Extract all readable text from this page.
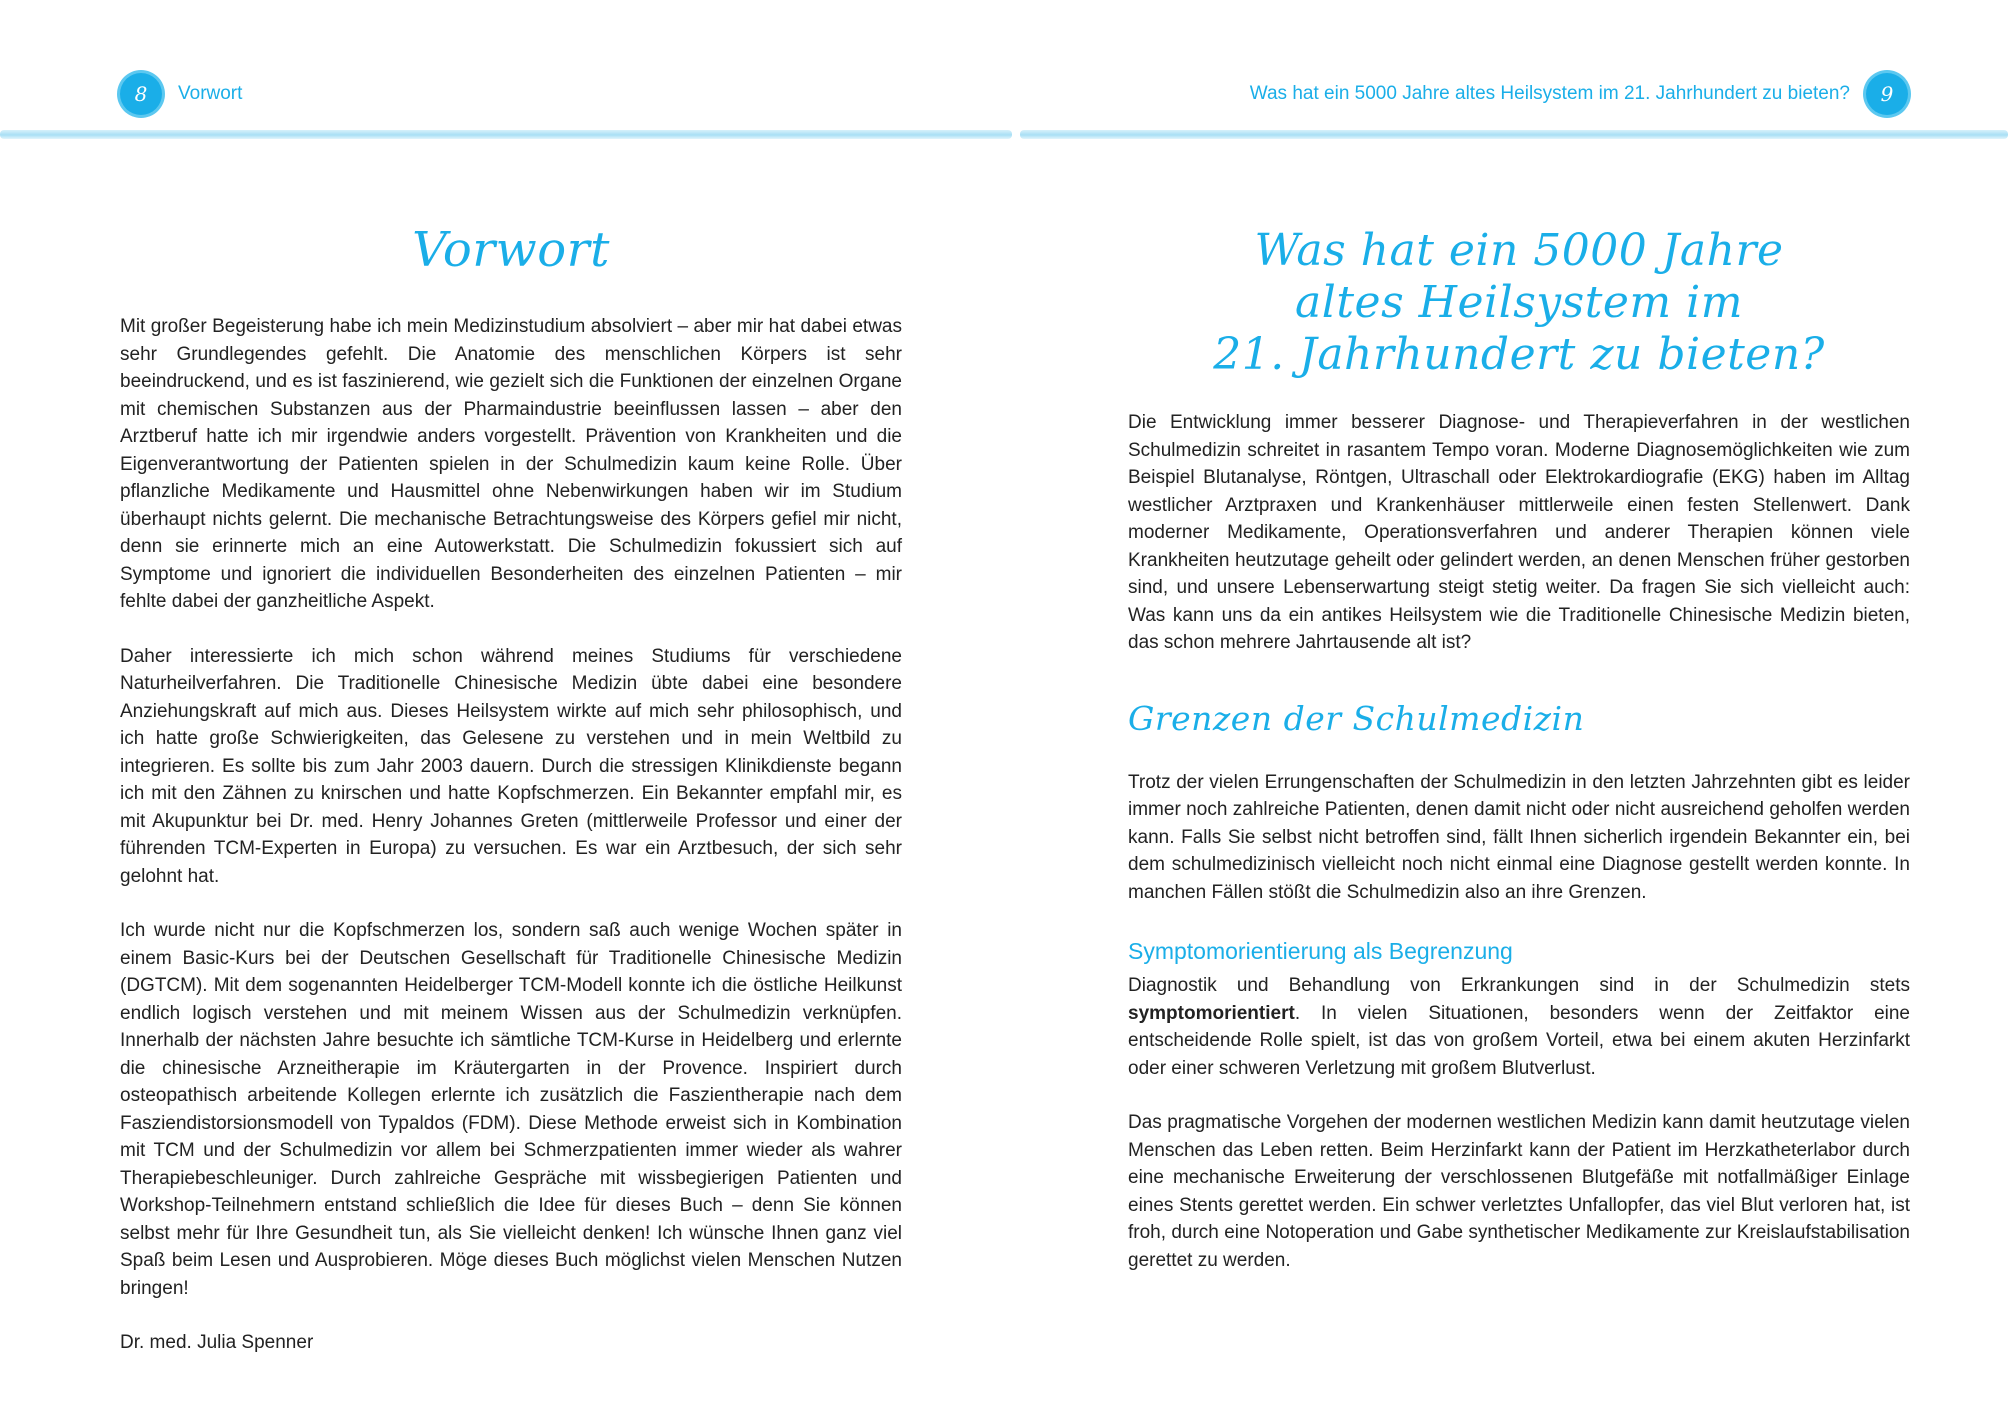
8	Vorwort	Was hat ein 5000 Jahre altes Heilsystem im 21. Jahrhundert zu bieten?	9
Vorwort

Mit großer Begeisterung habe ich mein Medizinstudium absolviert – aber mir hat dabei etwas sehr Grundlegendes gefehlt. Die Anatomie des menschlichen Körpers ist sehr beeindruckend, und es ist faszinierend, wie gezielt sich die Funktionen der einzelnen Organe mit chemischen Substanzen aus der Pharmaindustrie beeinflussen lassen – aber den Arztberuf hatte ich mir irgendwie anders vorgestellt. Prävention von Krankheiten und die Eigenverantwortung der Patienten spielen in der Schulmedizin kaum keine Rolle. Über pflanzliche Medikamente und Hausmittel ohne Nebenwirkungen haben wir im Studium überhaupt nichts gelernt. Die mechanische Betrachtungsweise des Körpers gefiel mir nicht, denn sie erinnerte mich an eine Autowerkstatt. Die Schulmedizin fokussiert sich auf Symptome und ignoriert die individuellen Besonderheiten des einzelnen Patienten – mir fehlte dabei der ganzheitliche Aspekt.

Daher interessierte ich mich schon während meines Studiums für verschiedene Naturheilverfahren. Die Traditionelle Chinesische Medizin übte dabei eine besondere Anziehungskraft auf mich aus. Dieses Heilsystem wirkte auf mich sehr philosophisch, und ich hatte große Schwierigkeiten, das Gelesene zu verstehen und in mein Weltbild zu integrieren. Es sollte bis zum Jahr 2003 dauern. Durch die stressigen Klinikdienste begann ich mit den Zähnen zu knirschen und hatte Kopfschmerzen. Ein Bekannter empfahl mir, es mit Akupunktur bei Dr. med. Henry Johannes Greten (mittlerweile Professor und einer der führenden TCM-Experten in Europa) zu versuchen. Es war ein Arztbesuch, der sich sehr gelohnt hat.

Ich wurde nicht nur die Kopfschmerzen los, sondern saß auch wenige Wochen später in einem Basic-Kurs bei der Deutschen Gesellschaft für Traditionelle Chinesische Medizin (DGTCM). Mit dem sogenannten Heidelberger TCM-Modell konnte ich die östliche Heilkunst endlich logisch verstehen und mit meinem Wissen aus der Schulmedizin verknüpfen. Innerhalb der nächsten Jahre besuchte ich sämtliche TCM-Kurse in Heidelberg und erlernte die chinesische Arzneitherapie im Kräutergarten in der Provence. Inspiriert durch osteopathisch arbeitende Kollegen erlernte ich zusätzlich die Faszientherapie nach dem Fasziendistorsionsmodell von Typaldos (FDM). Diese Methode erweist sich in Kombination mit TCM und der Schulmedizin vor allem bei Schmerzpatienten immer wieder als wahrer Therapiebeschleuniger. Durch zahlreiche Gespräche mit wissbegierigen Patienten und Workshop-Teilnehmern entstand schließlich die Idee für dieses Buch – denn Sie können selbst mehr für Ihre Gesundheit tun, als Sie vielleicht denken! Ich wünsche Ihnen ganz viel Spaß beim Lesen und Ausprobieren. Möge dieses Buch möglichst vielen Menschen Nutzen bringen!

Dr. med. Julia Spenner

Was hat ein 5000 Jahre
altes Heilsystem im
21. Jahrhundert zu bieten?

Die Entwicklung immer besserer Diagnose- und Therapieverfahren in der westlichen Schulmedizin schreitet in rasantem Tempo voran. Moderne Diagnosemöglichkeiten wie zum Beispiel Blutanalyse, Röntgen, Ultraschall oder Elektrokardiografie (EKG) haben im Alltag westlicher Arztpraxen und Krankenhäuser mittlerweile einen festen Stellenwert. Dank moderner Medikamente, Operationsverfahren und anderer Therapien können viele Krankheiten heutzutage geheilt oder gelindert werden, an denen Menschen früher gestorben sind, und unsere Lebenserwartung steigt stetig weiter. Da fragen Sie sich vielleicht auch: Was kann uns da ein antikes Heilsystem wie die Traditionelle Chinesische Medizin bieten, das schon mehrere Jahrtausende alt ist?

Grenzen der Schulmedizin

Trotz der vielen Errungenschaften der Schulmedizin in den letzten Jahrzehnten gibt es leider immer noch zahlreiche Patienten, denen damit nicht oder nicht ausreichend geholfen werden kann. Falls Sie selbst nicht betroffen sind, fällt Ihnen sicherlich irgendein Bekannter ein, bei dem schulmedizinisch vielleicht noch nicht einmal eine Diagnose gestellt werden konnte. In manchen Fällen stößt die Schulmedizin also an ihre Grenzen.

Symptomorientierung als Begrenzung

Diagnostik und Behandlung von Erkrankungen sind in der Schulmedizin stets symptomorientiert. In vielen Situationen, besonders wenn der Zeitfaktor eine entscheidende Rolle spielt, ist das von großem Vorteil, etwa bei einem akuten Herzinfarkt oder einer schweren Verletzung mit großem Blutverlust.

Das pragmatische Vorgehen der modernen westlichen Medizin kann damit heutzutage vielen Menschen das Leben retten. Beim Herzinfarkt kann der Patient im Herzkatheterlabor durch eine mechanische Erweiterung der verschlossenen Blutgefäße mit notfallmäßiger Einlage eines Stents gerettet werden. Ein schwer verletztes Unfallopfer, das viel Blut verloren hat, ist froh, durch eine Notoperation und Gabe synthetischer Medikamente zur Kreislaufstabilisation gerettet zu werden.
